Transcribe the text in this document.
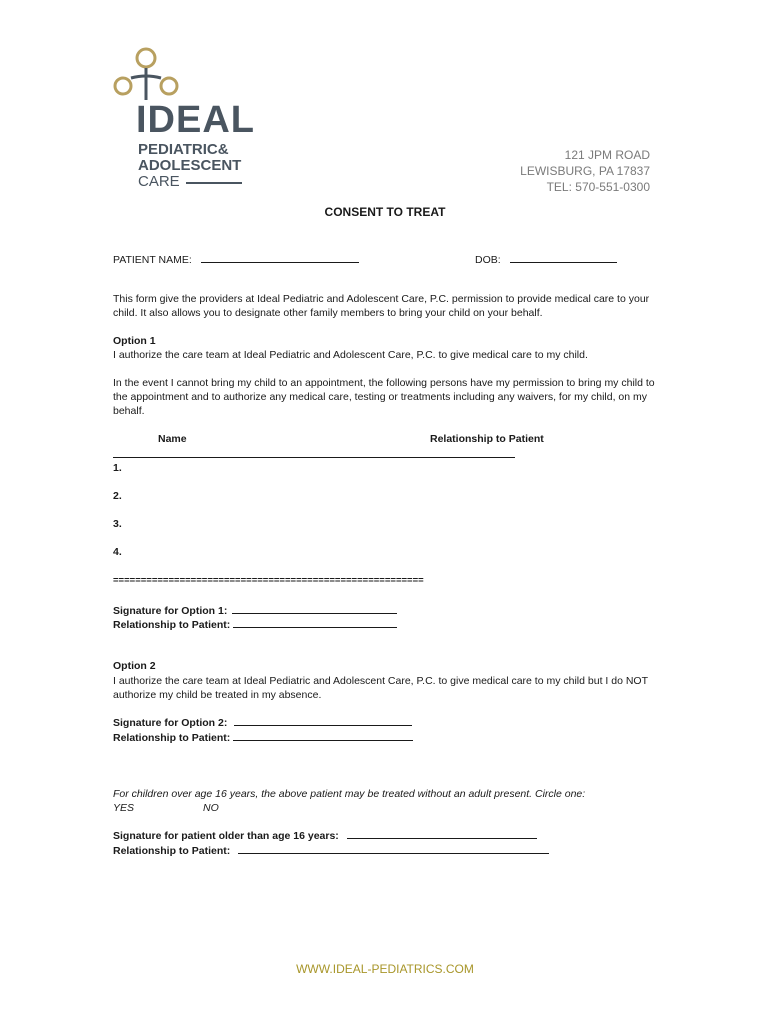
IDEAL
PEDIATRIC&
ADOLESCENT
CARE
121 JPM ROAD
LEWISBURG, PA 17837
TEL: 570-551-0300
CONSENT TO TREAT
PATIENT NAME:	DOB:
This form give the providers at Ideal Pediatric and Adolescent Care, P.C. permission to provide medical care to your child. It also allows you to designate other family members to bring your child on your behalf.
Option 1
I authorize the care team at Ideal Pediatric and Adolescent Care, P.C. to give medical care to my child.
In the event I cannot bring my child to an appointment, the following persons have my permission to bring my child to the appointment and to authorize any medical care, testing or treatments including any waivers, for my child, on my behalf.
Name	Relationship to Patient
1.
2.
3.
4.
========================================================
Signature for Option 1:
Relationship to Patient:
Option 2
I authorize the care team at Ideal Pediatric and Adolescent Care, P.C. to give medical care to my child but I do NOT authorize my child be treated in my absence.
Signature for Option 2:
Relationship to Patient:
For children over age 16 years, the above patient may be treated without an adult present. Circle one:
YES	NO
Signature for patient older than age 16 years:
Relationship to Patient:
WWW.IDEAL-PEDIATRICS.COM
